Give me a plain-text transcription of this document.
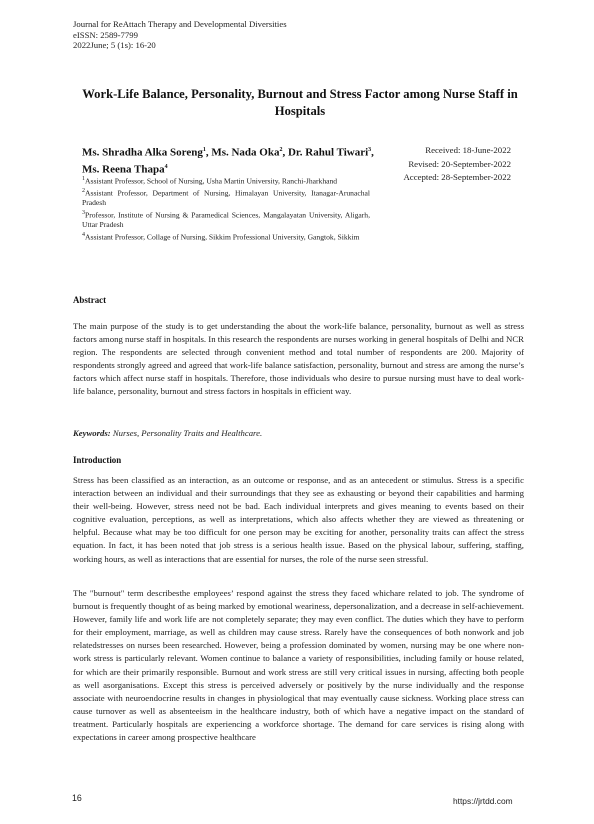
Journal for ReAttach Therapy and Developmental Diversities
eISSN: 2589-7799
2022June; 5 (1s): 16-20
Work-Life Balance, Personality, Burnout and Stress Factor among Nurse Staff in Hospitals
Ms. Shradha Alka Soreng$^1$, Ms. Nada Oka$^2$, Dr. Rahul Tiwari$^3$, Ms. Reena Thapa$^4$
$^1$Assistant Professor, School of Nursing, Usha Martin University, Ranchi-Jharkhand
$^2$Assistant Professor, Department of Nursing, Himalayan University, Itanagar-Arunachal Pradesh
$^3$Professor, Institute of Nursing & Paramedical Sciences, Mangalayatan University, Aligarh, Uttar Pradesh
$^4$Assistant Professor, Collage of Nursing, Sikkim Professional University, Gangtok, Sikkim
Received: 18-June-2022
Revised: 20-September-2022
Accepted: 28-September-2022
Abstract
The main purpose of the study is to get understanding the about the work-life balance, personality, burnout as well as stress factors among nurse staff in hospitals. In this research the respondents are nurses working in general hospitals of Delhi and NCR region. The respondents are selected through convenient method and total number of respondents are 200. Majority of respondents strongly agreed and agreed that work-life balance satisfaction, personality, burnout and stress are among the nurse’s factors which affect nurse staff in hospitals. Therefore, those individuals who desire to pursue nursing must have to deal work-life balance, personality, burnout and stress factors in hospitals in efficient way.
Keywords: Nurses, Personality Traits and Healthcare.
Introduction
Stress has been classified as an interaction, as an outcome or response, and as an antecedent or stimulus. Stress is a specific interaction between an individual and their surroundings that they see as exhausting or beyond their capabilities and harming their well-being. However, stress need not be bad. Each individual interprets and gives meaning to events based on their cognitive evaluation, perceptions, as well as interpretations, which also affects whether they are viewed as threatening or helpful. Because what may be too difficult for one person may be exciting for another, personality traits can affect the stress equation. In fact, it has been noted that job stress is a serious health issue. Based on the physical labour, suffering, staffing, working hours, as well as interactions that are essential for nurses, the role of the nurse seen stressful.
The "burnout" term describesthe employees’ respond against the stress they faced whichare related to job. The syndrome of burnout is frequently thought of as being marked by emotional weariness, depersonalization, and a decrease in self-achievement. However, family life and work life are not completely separate; they may even conflict. The duties which they have to perform for their employment, marriage, as well as children may cause stress. Rarely have the consequences of both nonwork and job relatedstresses on nurses been researched. However, being a profession dominated by women, nursing may be one where non-work stress is particularly relevant. Women continue to balance a variety of responsibilities, including family or house related, for which are their primarily responsible. Burnout and work stress are still very critical issues in nursing, affecting both people as well asorganisations. Except this stress is perceived adversely or positively by the nurse individually and the response associate with neuroendocrine results in changes in physiological that may eventually cause sickness. Working place stress can cause turnover as well as absenteeism in the healthcare industry, both of which have a negative impact on the standard of treatment. Particularly hospitals are experiencing a workforce shortage. The demand for care services is rising along with expectations in career among prospective healthcare
16	https://jrtdd.com
